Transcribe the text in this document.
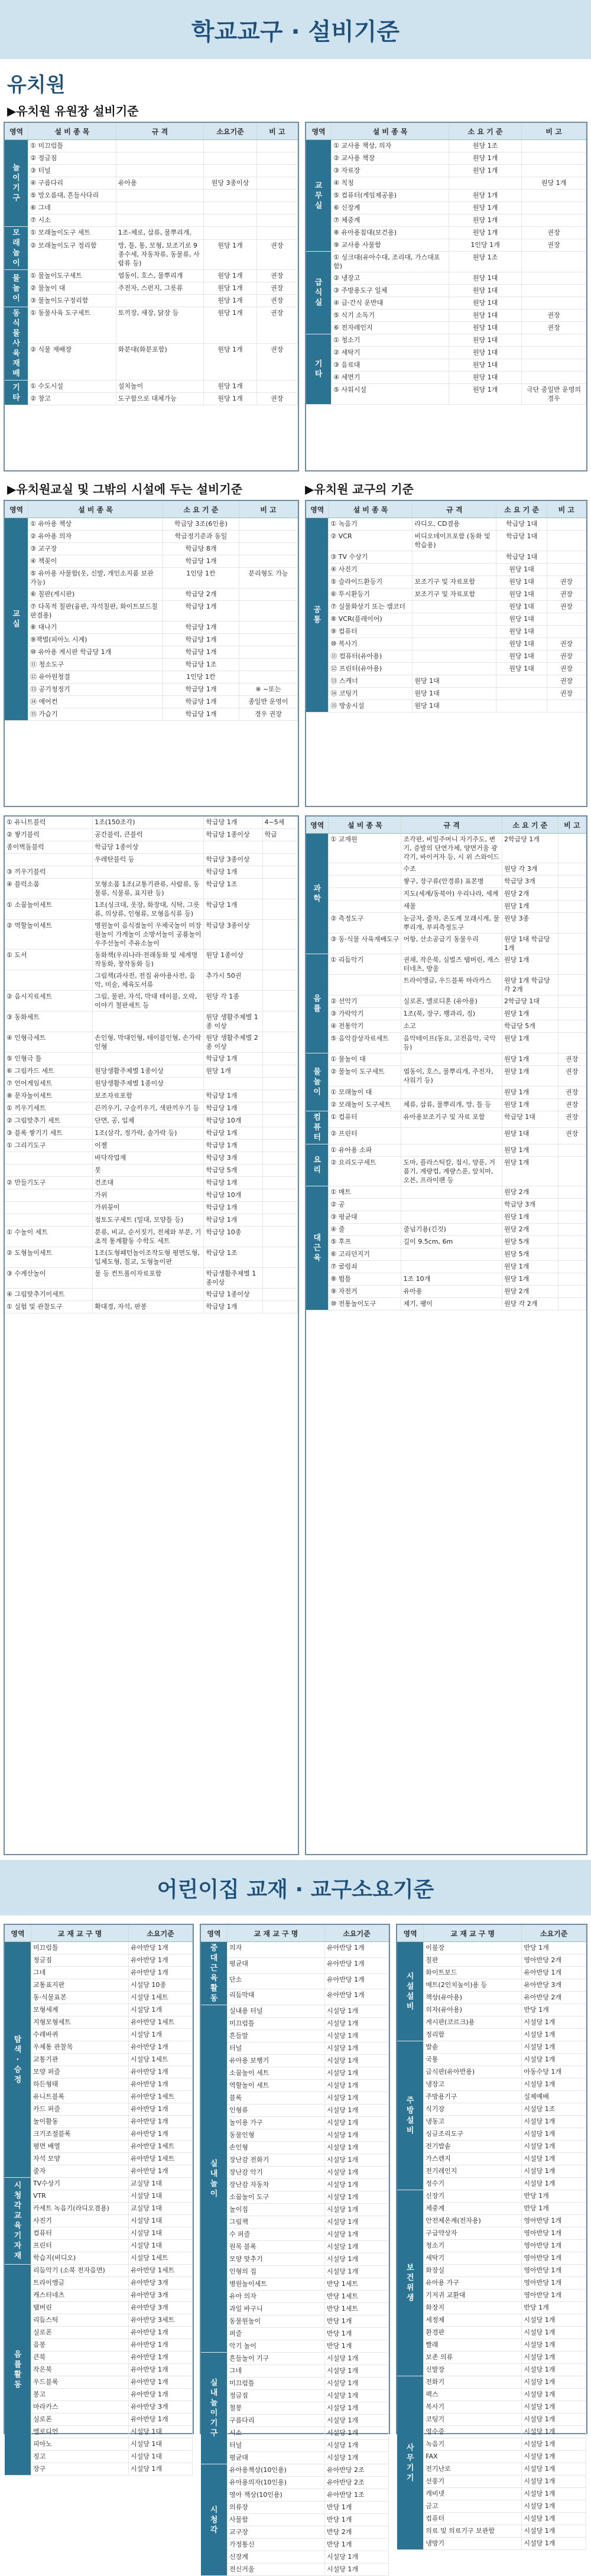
학교교구 · 설비기준
유치원
▶유치원 유원장 설비기준
영역	설 비 종 목	규 격	소요기준	비 고
놀이기구	① 미끄럼틀			
	② 정글짐			
	③ 터널			
	④ 구름다리	유아용	원당 3종이상	
	⑤ 망오름대, 흔들사다리			
	⑥ 그네			
	⑦ 시소			
모래놀이	① 모래놀이도구 세트	1조-체로, 삽류, 물뿌리개,		
	② 모래놀이도구 정리함	망, 틀, 통, 모형, 보조기로 9종수세, 자동차류, 동물류, 사람류 등)	원당 1개	권장
물놀이	① 물놀이도구세트	엽동이, 호스, 물뿌리개	원당 1개	권장
	② 물놀이 대	주전자, 스펀지, 그릇류	원당 1개	권장
	③ 물놀이도구정리함		원당 1개	권장
동식물사육재배	① 동물사육 도구세트	토끼장, 새장, 닭장 등	원당 1개	권장
	② 식물 재배장	화분대(화분포함)	원당 1개	권장
기타	① 수도시설	설치놀이	원당 1개	
	② 창고	도구함으로 대체가능	원당 1개	권장
영역	설 비 종 목	소 요 기 준	비 고
교무실	① 교사용 책상, 의자	원당 1조	
	② 교사용 책장	원당 1개	
	③ 자료장	원당 1개	
	④ 칙칭		원당 1개
	⑤ 컴퓨터(게임제공용)	원당 1개	
	⑥ 신장계	원당 1개	
	⑦ 체중계	원당 1개	
	⑧ 유아용침대(보건용)	원당 1개	권장
	⑨ 교사용 사물함	1인당 1개	권장
급식실	① 싱크대(유아수대, 조리대, 가스대포함)	원당 1조	
	② 냉장고	원당 1대	
	③ 주방용도구 일체	원당 1대	
	④ 급·간식 운반대	원당 1대	
	⑤ 식기 소독기	원당 1대	권장
	⑥ 전자레인지	원당 1대	권장
기타	① 청소기	원당 1대	
	② 세탁기	원당 1대	
	③ 음료대	원당 1대	
	④ 세면기	원당 1대	
	⑤ 사워시설	원당 1개	극단 중일반 운영의 경우
▶유치원교실 및 그밖의 시설에 두는 설비기준	▶유치원 교구의 기준
영역	설 비 종 목	소 요 기 준	비 고
교실	① 유아용 책상	학급당 3조(6인용)	
	② 유아용 의자	학급정기준과 동일	
	③ 교구장	학급당 8개	
	④ 책꽂이	학급당 1개	
	⑤ 유아용 사물함(옷, 신발, 개인소지품 보관 가능)	1인당 1칸	분리형도 가능
	⑥ 칠판(게시판)	학급당 2개	
	⑦ 다목적 칠판(융판, 자석칠판, 화이트보드칠판겸용)	학급당 1개	
	⑧ 대나기	학급당 1개	
	⑨책벌(피아노 시계)	학급당 1개	
	⑩ 유아용 게시판 학급당 1개	학급당 1개	
	⑪ 청소도구	학급당 1조	
	⑫ 유아원청결	1인당 1칸	
	⑬ 공기청정기	학급당 1개	※ ~또는
	⑭ 에어컨	학급당 1개	종일반 운영이
	⑮ 가습기	학급당 1개	경우 권장
영역	설 비 종 목	규 격	소 요 기 준	비 고
공통	① 녹음기	라디오, CD겸용	학급당 1대	
	② VCR	비디오데이프포함 (동화 및 학습용)	학급당 1대	
	③ TV 수상기		학급당 1대	
	④ 사진기		원당 1대	
	⑤ 슬라이드환등기	보조기구 및 자료포함	원당 1대	권장
	⑥ 투시환등기	보조기구 및 자료포함	원당 1대	권장
	⑦ 실물화상기 또는 캠코더		원당 1대	권장
	⑧ VCR(플레이어)		원당 1대	
	⑨ 컴퓨터		원당 1대	
	⑩ 복사기		원당 1대	권장
	⑪ 컴퓨터(유아용)		원당 1대	권장
	⑫ 프린터(유아용)		원당 1대	권장
	⑬ 스캐너	원당 1대		권장
	⑭ 코팅기	원당 1대		권장
	⑮ 방송시설	원당 1대		
① 유니트블럭	1조(150조각)	학급당 1개	4~5세
② 쌓기블럭	공간블럭, 큰블럭	학급당 1종이상	학급
종이벽돌블럭	학급당 1종이상		
	우레탄블럭 등	학급당 3종이상	
③ 끼우기블럭		학급당 1개	
④ 블럭소품	모형소품 1조(교통기관류, 사람류, 동물류, 식물류, 표지판 등)	학급당 1조	
① 소꿉놀이세트	1조(싱크대, 옷장, 화장대, 식탁, 그릇류, 의상류, 인형류, 모형음식류 등)	학급당 1개	
② 역할놀이세트	병원놀이 음식점놀이 우체국놀이 미장원놀이 가게놀이 소방서놀이 공룡놀이 우주선놀이 주유소놀이	학급당 3종이상	
① 도서	동화책(우리나라·전래동화 및 세계명작동화, 창작동화 등)	원당 1종이상	
	그림책(과사전, 전집 유아용사전, 음악, 미술, 체육도서류	추가시 50권	
② 음시지료세트	그림, 물판, 자석, 막대 테이블, 오락, 이야기 철판세트 등	원당 각 1종	
③ 동화세트		원당 생활주제별 1종 이상	
④ 인형극세트	손인형, 막대인형, 테이블인형, 손가락인형	원당 생활주제별 2종 이상	
⑤ 인형극 틀		학급당 1개	
⑥ 그림카드 세트	원당생활주제별 1종이상	원당 1개	
⑦ 언어게임세트	원당생활주제별 1종이상		
⑧ 문자놀이세트	보조자료포함	학급당 1개	
① 끼우기세트	끈끼우기, 구슬끼우기, 색판끼우기 등	학급당 1개	
② 그림맞추기 세트	단면, 공, 입체	학급당 10개	
③ 블록 쌓기기 세트	1조(삼각, 정가락, 솔가락 등)	학급당 1개	
① 그리기도구	이젤	학급당 1개	
	바닥작업재	학급당 3개	
	붓	학급당 5개	
② 만들기도구	건조대	학급당 1개	
	가위	학급당 10개	
	가위꽂이	학급당 1개	
	점토도구세트 (밀대, 모양틀 등)	학급당 1개	
① 수놀이 세트	분류, 비교, 순서짓기, 전체와 부분, 기초적 통계활동 수학도 세트	학급당 10종	
② 도형놀이세트	1조(도형패턴놀이조작도형 평면도형, 입체도형, 칠교, 도형놀이판	학급당 1조	
③ 수계산놀이	물 등 컨트롤이자료포함	학급생활주제별 1종이상	
④ 그림맞추기이세트		학급당 1종이상	
① 실험 및 관찰도구	확대경, 자석, 판봉	학급당 1개	
영역	설 비 종 목	규 격	소 요 기 준	비 고
과학	① 교재원	조각판, 비밀주머니 자기주도, 변기, 증발의 단연가체, 양면거울 광각기, 바이커자 등, 시 위 스와이드	2학급당 1개	
		수조	원당 각 3개	
		쌓구, 장구류(안경류) 표본병	학급당 3개	
		지도(세계/동북아) 우리나라, 세계	원당 2개	
		세물	원당 1개	
	② 측정도구	눈금자, 줄자, 온도계 모래시계, 물뿌리개, 부피측정도구	원당 3종	
	③ 동·식물 사육재배도구	어항, 산소공급기 동물우리	원당 1대 학급당 1개	
음률	① 리듬악기	권채, 작은북, 심벌즈 탬버린, 캐스터네츠, 방울	원당 1개	
		트라이앵글, 우드블록 마라카스	원당 1개 학급당 각 2개	
	② 선악기	실로폰, 멜로디혼 (유아용)	2학급당 1대	
	③ 가락악기	1조(북, 장구, 꽹과리, 징)	원당 1개	
	④ 전통악기	소고	학급당 5개	
	⑤ 음악감상자료세트	음악테이프(동요, 고전음악, 국악 등)	원당 1개	
물놀이	① 물놀이 대		원당 1개	권장
	② 물놀이 도구세트	엽동이, 호스, 물뿌리개, 주전자, 사워기 등)	원당 1개	권장
	① 모래놀이 대		원당 1개	권장
	② 모래놀이 도구세트	체류, 삽류, 물뿌리개, 망, 틀 등	원당 1개	권장
컴퓨터	① 컴퓨터	유아용보조기구 및 자료 포함	학급당 1대	권장
	② 프린터		원당 1대	권장
요리	① 유아용 소파		원당 1개	
	② 요리도구세트	도마, 플라스틱칼, 접시, 양푼, 거품기, 계량컵, 계량스푼, 앞치마, 오븐, 프라이팬 등	원당 1개	
대근육	① 매트		원당 2개	
	② 공		학급당 3개	
	③ 평균대		원당 1개	
	④ 줄	줄넘기용(긴것)	원당 2개	
	⑤ 후프	길이 9.5cm, 6m	원당 5개	
	⑥ 고리던지기		원당 5개	
	⑦ 굴렁쇠		원당 1개	
	⑧ 뜀틀	1조 10개	원당 1개	
	⑨ 자전거	유아용	원당 2개	
	⑩ 전통놀이도구	제기, 팽이	원당 각 2개	
어린이집 교재 · 교구소요기준
영역	교 재 교 구 명	소요기준
탐색·승정	미끄럼틀	유아반당 1개
	정글짐	유아반당 1개
	그네	유아반당 1개
	교통표지판	시설당 10종
	동·식물표본	시설당 1세트
	모형세계	시설당 1개
	지형모형세트	유아반당 1세트
	수레바퀴	시설당 1개
	우체통 관찰목	유아반당 1개
	교통기관	시설당 1세트
	모양 퍼즐	유아반당 1개
	하든형태	유아반당 1개
	유니트블록	유아반당 1세트
	카드 퍼즐	유아반당 1개
	놀이활동	유아반당 1개
	크기조절블록	유아반당 1개
	평면 배열	유아반당 1세트
	자석 모양	유아반당 1세트
	줄자	유아반당 1개
시청각 교육기자재	TV수상기	교실당 1대
	VTR	시설당 1대
	카세트 녹음기(라디오겸용)	교실당 1대
	사진기	시설당 1대
	컴퓨터	시설당 1대
	프린터	시설당 1대
	학습지(비디오)	시설당 1세트
음률활동	리듬악기 (소북 전자음면)	유아반당 1세트
	트라이앵글	유아반당 3개
	캐스터네츠	유아반당 3개
	탬버린	유아반당 3개
	리듬스틱	유아반당 3세트
	실로폰	유아반당 1개
	음봉	유아반당 1개
	큰북	유아반당 1개
	작은북	유아반당 1개
	우드블록	유아반당 1개
	봉고	유아반당 1개
	마라카스	유아반당 3개
	실로폰	유아반당 1개
	멜로디언	시설당 1대
	피아노	시설당 1대
	징고	시설당 1대
	장구	시설당 1개
영역	교 재 교 구 명	소요기준
중대근육활동	의자	유아반당 1개
	평균대	유아반당 1개
	단소	유아반당 1개
	리듬막대	유아반당 1개
실내놀이	실내용 터널	시설당 1개
	미끄럼틀	시설당 1개
	흔들말	시설당 1개
	터널	시설당 1개
	유아용 보행기	시설당 1개
	소꿉놀이 세트	시설당 1개
	역할놀이 세트	시설당 1개
	블록	시설당 1개
	인형류	시설당 1개
	놀이용 가구	시설당 1개
	동물인형	시설당 1개
	손인형	시설당 1개
	장난감 전화기	시설당 1개
	장난감 악기	시설당 1개
	장난감 자동차	시설당 1개
	소꿉놀이 도구	시설당 1개
	놀이집	시설당 1개
	그림책	시설당 1개
	수 퍼즐	시설당 1개
	원목 블록	시설당 1개
	모양 맞추기	시설당 1개
	인형의 집	시설당 1개
	병원놀이세트	반당 1세트
	유아 의자	반당 1세트
	과일 바구니	반당 1세트
	동물원놀이	반당 1개
	퍼즐	반당 1개
	악기 놀이	반당 1개
실내놀이기구	흔들놀이 기구	시설당 1개
	그네	시설당 1개
	미끄럼틀	시설당 1개
	정글짐	시설당 1개
	철봉	시설당 1개
	구름다리	시설당 1개
	시소	시설당 1개
	터널	시설당 1개
	평균대	시설당 1개
시청각	유아용책상(10인용)	유아반당 2조
	유아용의자(10인용)	유아반당 2조
	영아 책상(10인용)	유아반당 1조
	의류장	반당 1개
	사물함	반당 1개
	교구장	반당 2개
	가정통신	반당 1개
	신장계	시설당 1개
	전신거울	시설당 1개
영역	교 재 교 구 명	소요기준
시설설비	이불장	반당 1개
	칠판	영아반당 2개
	화이트보드	유아반당 1개
	메트(2인치높이)용 등	유아반당 3개
	책상(유아용)	유아반당 2개
	의자(유아용)	반당 1개
	게시판(코르크)용	시설당 1개
	정리함	시설당 1개
주방설비	밥솥	시설당 1개
	국통	시설당 1개
	급식판(유아반용)	아동수당 1개
	냉장고	시설당 1개
	주방용기구	실제예배
	식기장	시설당 1조
	냉동고	시설당 1개
	싱글조리도구	시설당 1개
	전기밥솥	시설당 1개
	가스렌지	시설당 1개
	전기레인지	시설당 1개
	정수기	시설당 1개
보건위생	신장기	반당 1개
	체중계	반당 1개
	안전체온계(전자용)	영아반당 1개
	구급약상자	영아반당 1개
	청소기	영아반당 1개
	세탁기	영아반당 1개
	화장실	영아반당 1개
	유아용 가구	영아반당 1개
	기저귀 교환대	영아반당 1개
	화장지	반당 1개
	세정제	시설당 1개
	환경판	시설당 1개
	빨래	시설당 1개
	보존 의류	시설당 1개
	신발장	시설당 1개
사무기기	전화기	시설당 1개
	팩스	시설당 1개
	복사기	시설당 1개
	코팅기	시설당 1개
	영수증	시설당 1개
	녹음기	시설당 1개
	FAX	시설당 1개
	전기난로	시설당 1개
	선풍기	시설당 1개
	캐비넷	시설당 1개
	금고	시설당 1개
	컴퓨터	시설당 1개
	의료 및 의료기구 보관함	시설당 1개
	냉방기	시설당 1개
